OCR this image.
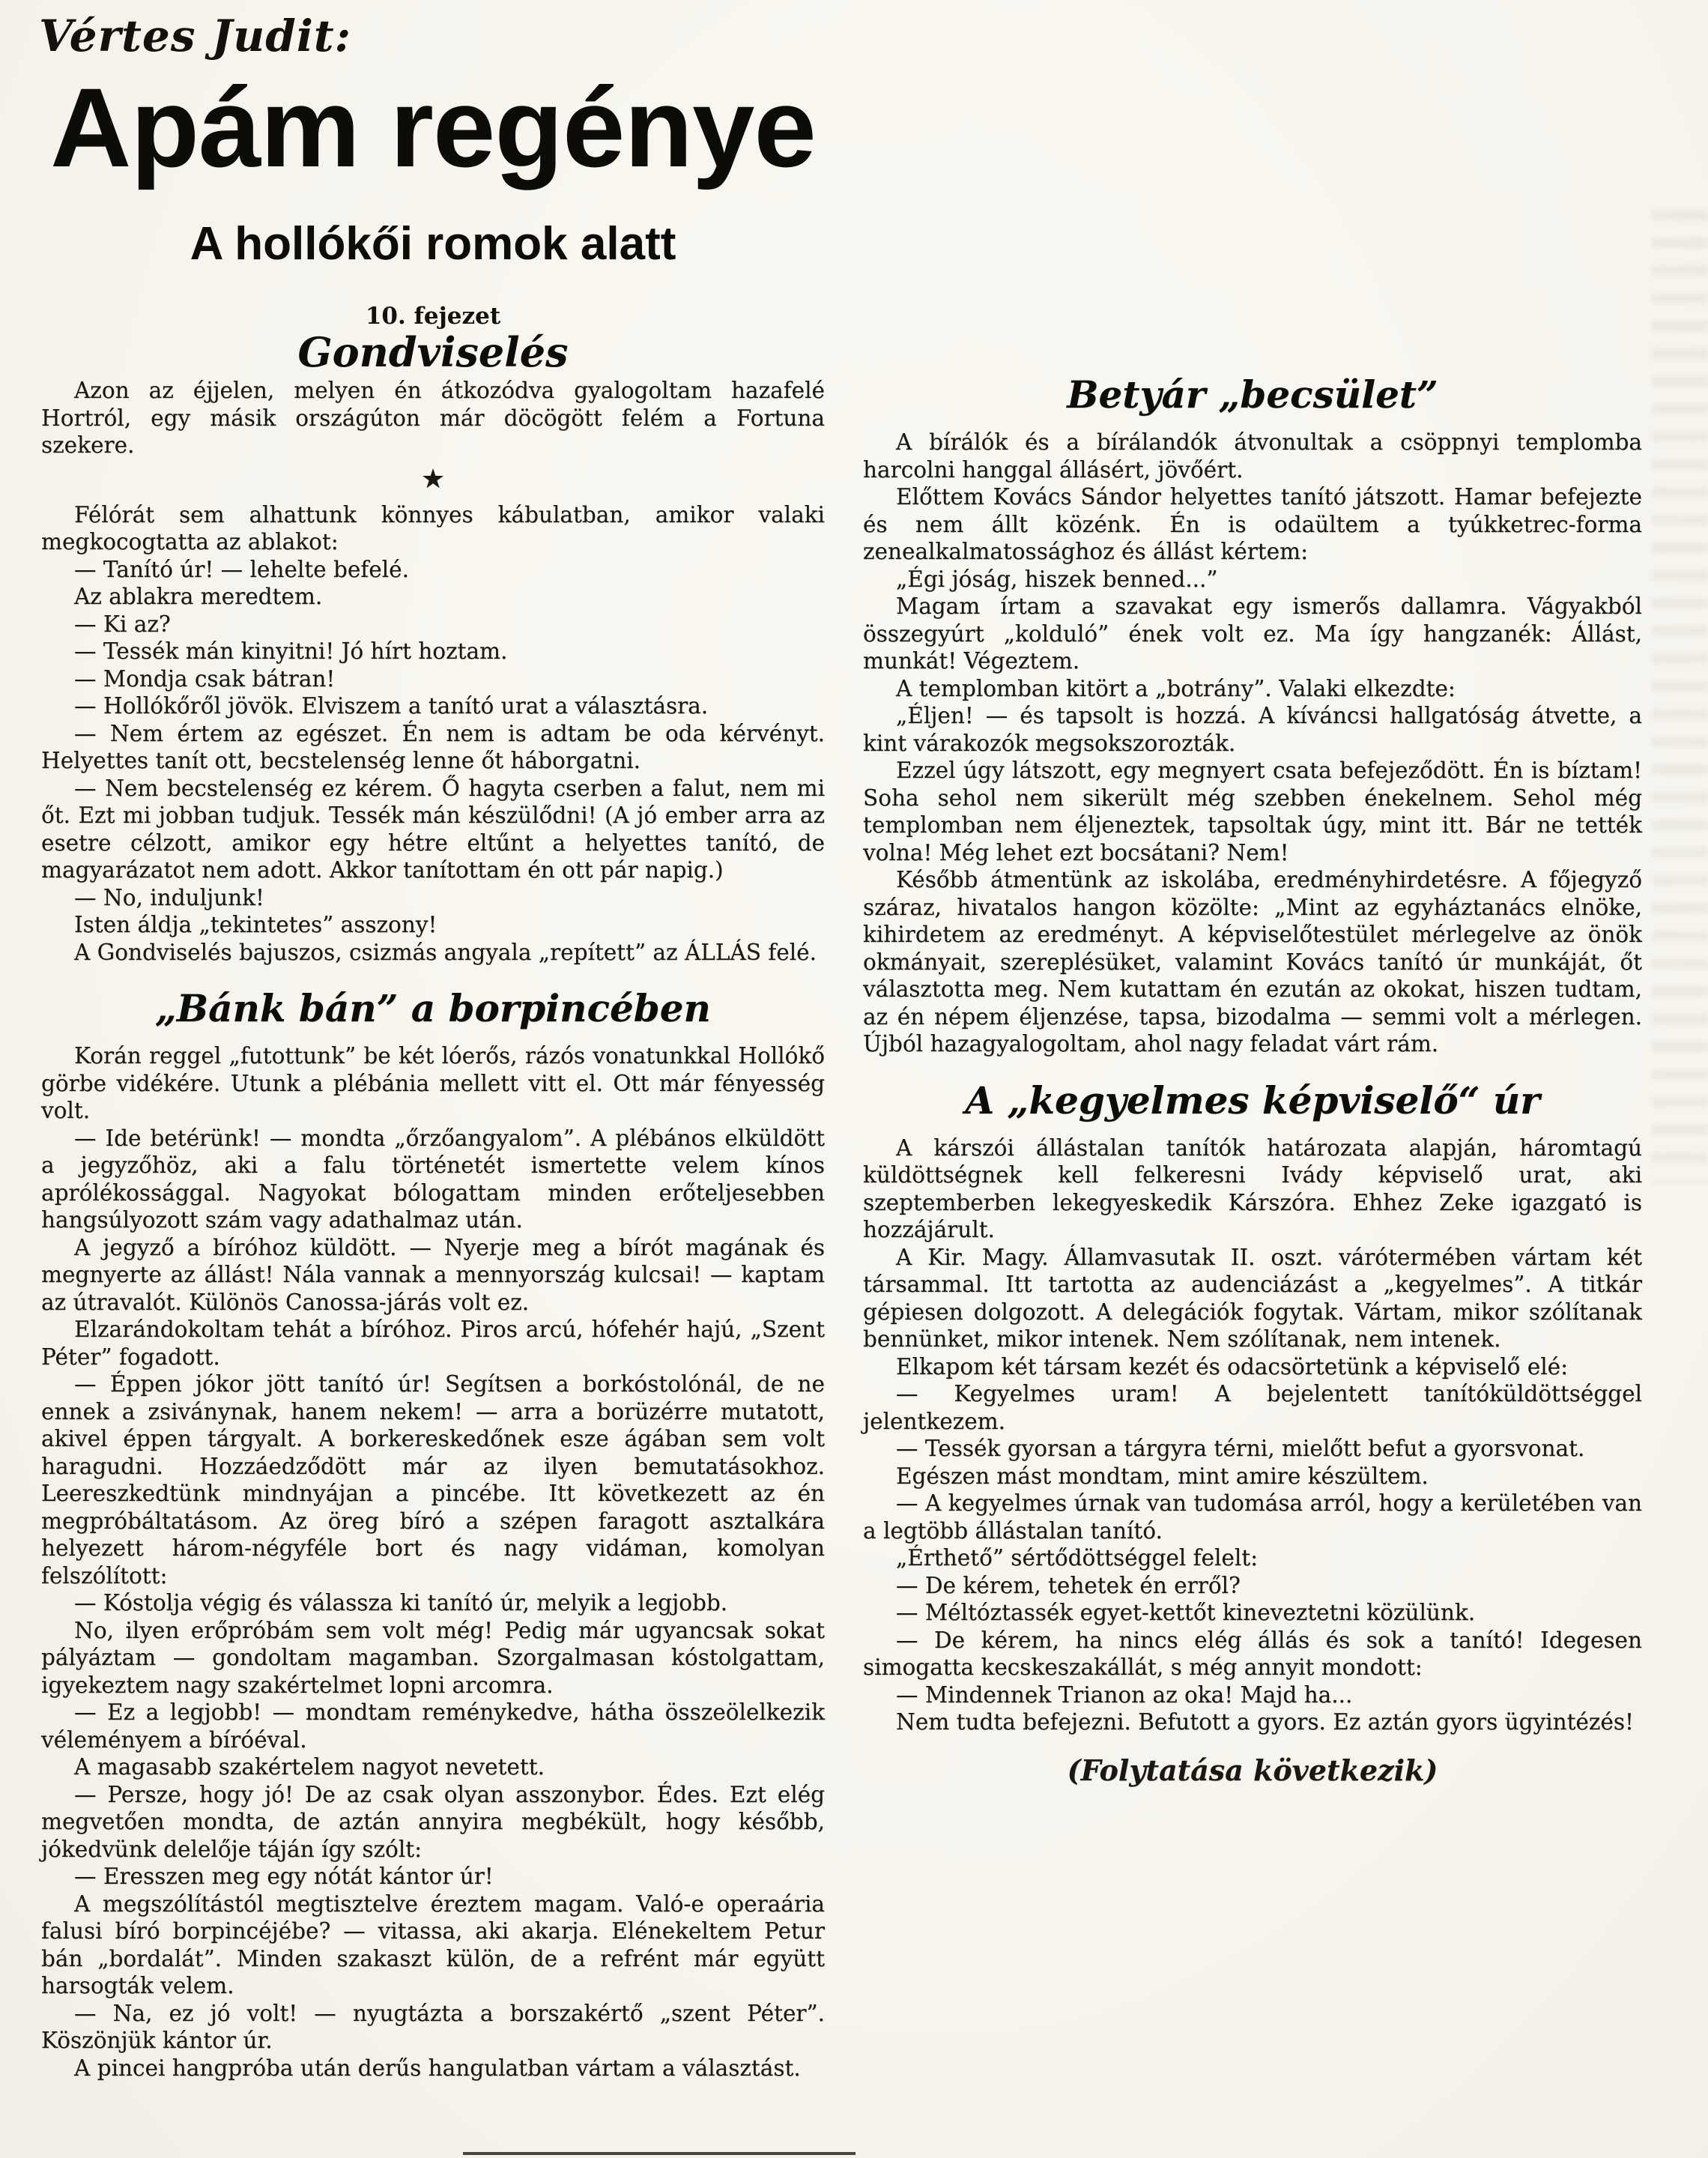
Vértes Judit:
Apám regénye
A hollókői romok alatt
10. fejezet
Gondviselés

Azon az éjjelen, melyen én átkozódva gyalogoltam hazafelé Hortról, egy másik országúton már döcögött felém a Fortuna szekere.

★

Félórát sem alhattunk könnyes kábulatban, amikor valaki megkocogtatta az ablakot:

— Tanító úr! — lehelte befelé.

Az ablakra meredtem.

— Ki az?

— Tessék mán kinyitni! Jó hírt hoztam.

— Mondja csak bátran!

— Hollókőről jövök. Elviszem a tanító urat a választásra.

— Nem értem az egészet. Én nem is adtam be oda kérvényt. Helyettes tanít ott, becstelenség lenne őt háborgatni.

— Nem becstelenség ez kérem. Ő hagyta cserben a falut, nem mi őt. Ezt mi jobban tudjuk. Tessék mán készülődni! (A jó ember arra az esetre célzott, amikor egy hétre eltűnt a helyettes tanító, de magyarázatot nem adott. Akkor tanítottam én ott pár napig.)

— No, induljunk!

Isten áldja „tekintetes” asszony!

A Gondviselés bajuszos, csizmás angyala „repített” az ÁLLÁS felé.

„Bánk bán” a borpincében

Korán reggel „futottunk” be két lóerős, rázós vonatunkkal Hollókő görbe vidékére. Utunk a plébánia mellett vitt el. Ott már fényesség volt.

— Ide betérünk! — mondta „őrzőangyalom”. A plébános elküldött a jegyzőhöz, aki a falu történetét ismertette velem kínos aprólékossággal. Nagyokat bólogattam minden erőteljesebben hangsúlyozott szám vagy adathalmaz után.

A jegyző a bíróhoz küldött. — Nyerje meg a bírót magának és megnyerte az állást! Nála vannak a mennyország kulcsai! — kaptam az útravalót. Különös Canossa-járás volt ez.

Elzarándokoltam tehát a bíróhoz. Piros arcú, hófehér hajú, „Szent Péter” fogadott.

— Éppen jókor jött tanító úr! Segítsen a borkóstolónál, de ne ennek a zsiványnak, hanem nekem! — arra a borüzérre mutatott, akivel éppen tárgyalt. A borkereskedőnek esze ágában sem volt haragudni. Hozzáedződött már az ilyen bemutatásokhoz. Leereszkedtünk mindnyájan a pincébe. Itt következett az én megpróbáltatásom. Az öreg bíró a szépen faragott asztalkára helyezett három-négyféle bort és nagy vidáman, komolyan felszólított:

— Kóstolja végig és válassza ki tanító úr, melyik a legjobb.

No, ilyen erőpróbám sem volt még! Pedig már ugyancsak sokat pályáztam — gondoltam magamban. Szorgalmasan kóstolgattam, igyekeztem nagy szakértelmet lopni arcomra.

— Ez a legjobb! — mondtam reménykedve, hátha összeölelkezik véleményem a bíróéval.

A magasabb szakértelem nagyot nevetett.

— Persze, hogy jó! De az csak olyan asszonybor. Édes. Ezt elég megvetően mondta, de aztán annyira megbékült, hogy később, jókedvünk delelője táján így szólt:

— Eresszen meg egy nótát kántor úr!

A megszólítástól megtisztelve éreztem magam. Való-e operaária falusi bíró borpincéjébe? — vitassa, aki akarja. Elénekeltem Petur bán „bordalát”. Minden szakaszt külön, de a refrént már együtt harsogták velem.

— Na, ez jó volt! — nyugtázta a borszakértő „szent Péter”. Köszönjük kántor úr.

A pincei hangpróba után derűs hangulatban vártam a választást.

Betyár „becsület”

A bírálók és a bírálandók átvonultak a csöppnyi templomba harcolni hanggal állásért, jövőért.

Előttem Kovács Sándor helyettes tanító játszott. Hamar befejezte és nem állt közénk. Én is odaültem a tyúkketrec-forma zenealkalmatossághoz és állást kértem:

„Égi jóság, hiszek benned...”

Magam írtam a szavakat egy ismerős dallamra. Vágyakból összegyúrt „kolduló” ének volt ez. Ma így hangzanék: Állást, munkát! Végeztem.

A templomban kitört a „botrány”. Valaki elkezdte:

„Éljen! — és tapsolt is hozzá. A kíváncsi hallgatóság átvette, a kint várakozók megsokszorozták.

Ezzel úgy látszott, egy megnyert csata befejeződött. Én is bíztam! Soha sehol nem sikerült még szebben énekelnem. Sehol még templomban nem éljeneztek, tapsoltak úgy, mint itt. Bár ne tették volna! Még lehet ezt bocsátani? Nem!

Később átmentünk az iskolába, eredményhirdetésre. A főjegyző száraz, hivatalos hangon közölte: „Mint az egyháztanács elnöke, kihirdetem az eredményt. A képviselőtestület mérlegelve az önök okmányait, szereplésüket, valamint Kovács tanító úr munkáját, őt választotta meg. Nem kutattam én ezután az okokat, hiszen tudtam, az én népem éljenzése, tapsa, bizodalma — semmi volt a mérlegen. Újból hazagyalogoltam, ahol nagy feladat várt rám.

A „kegyelmes képviselő“ úr

A kárszói állástalan tanítók határozata alapján, háromtagú küldöttségnek kell felkeresni Ivády képviselő urat, aki szeptemberben lekegyeskedik Kárszóra. Ehhez Zeke igazgató is hozzájárult.

A Kir. Magy. Államvasutak II. oszt. várótermében vártam két társammal. Itt tartotta az audenciázást a „kegyelmes”. A titkár gépiesen dolgozott. A delegációk fogytak. Vártam, mikor szólítanak bennünket, mikor intenek. Nem szólítanak, nem intenek.

Elkapom két társam kezét és odacsörtetünk a képviselő elé:

— Kegyelmes uram! A bejelentett tanítóküldöttséggel jelentkezem.

— Tessék gyorsan a tárgyra térni, mielőtt befut a gyorsvonat.

Egészen mást mondtam, mint amire készültem.

— A kegyelmes úrnak van tudomása arról, hogy a kerületében van a legtöbb állástalan tanító.

„Érthető” sértődöttséggel felelt:

— De kérem, tehetek én erről?

— Méltóztassék egyet-kettőt kineveztetni közülünk.

— De kérem, ha nincs elég állás és sok a tanító! Idegesen simogatta kecskeszakállát, s még annyit mondott:

— Mindennek Trianon az oka! Majd ha...

Nem tudta befejezni. Befutott a gyors. Ez aztán gyors ügyintézés!

(Folytatása következik)
